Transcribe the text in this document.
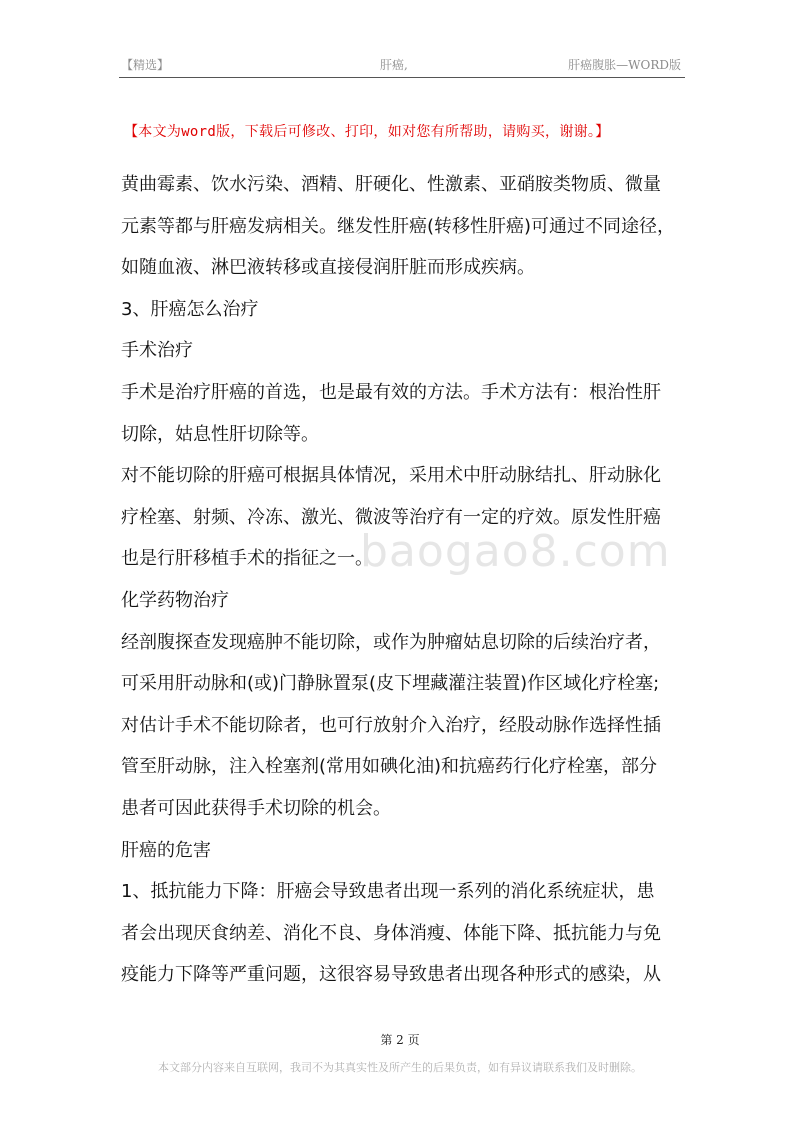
【精选】	肝癌,	肝癌腹胀—WORD版
【本文为word版，下载后可修改、打印，如对您有所帮助，请购买，谢谢。】
baogao8.com
黄曲霉素、饮水污染、酒精、肝硬化、性激素、亚硝胺类物质、微量
元素等都与肝癌发病相关。继发性肝癌(转移性肝癌)可通过不同途径，
如随血液、淋巴液转移或直接侵润肝脏而形成疾病。
3、肝癌怎么治疗
手术治疗
手术是治疗肝癌的首选，也是最有效的方法。手术方法有：根治性肝
切除，姑息性肝切除等。
对不能切除的肝癌可根据具体情况，采用术中肝动脉结扎、肝动脉化
疗栓塞、射频、冷冻、激光、微波等治疗有一定的疗效。原发性肝癌
也是行肝移植手术的指征之一。
化学药物治疗
经剖腹探查发现癌肿不能切除，或作为肿瘤姑息切除的后续治疗者，
可采用肝动脉和(或)门静脉置泵(皮下埋藏灌注装置)作区域化疗栓塞;
对估计手术不能切除者，也可行放射介入治疗，经股动脉作选择性插
管至肝动脉，注入栓塞剂(常用如碘化油)和抗癌药行化疗栓塞，部分
患者可因此获得手术切除的机会。
肝癌的危害
1、抵抗能力下降：肝癌会导致患者出现一系列的消化系统症状，患
者会出现厌食纳差、消化不良、身体消瘦、体能下降、抵抗能力与免
疫能力下降等严重问题，这很容易导致患者出现各种形式的感染，从
第 2 页
本文部分内容来自互联网，我司不为其真实性及所产生的后果负责，如有异议请联系我们及时删除。
